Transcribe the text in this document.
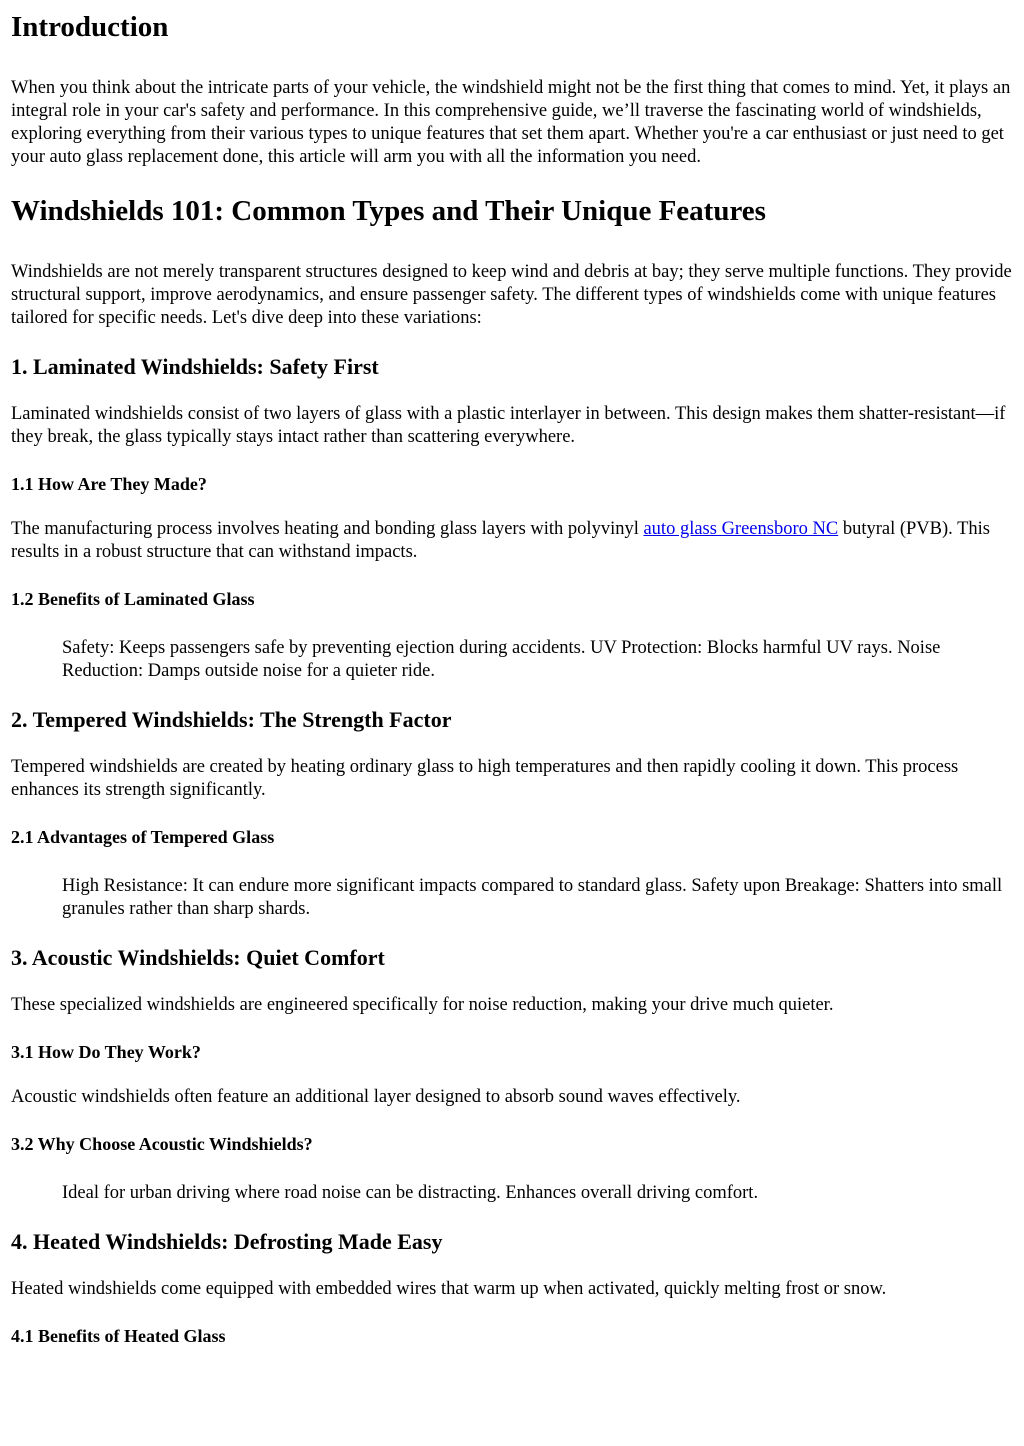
Introduction

When you think about the intricate parts of your vehicle, the windshield might not be the first thing that comes to mind. Yet, it plays an integral role in your car's safety and performance. In this comprehensive guide, we’ll traverse the fascinating world of windshields, exploring everything from their various types to unique features that set them apart. Whether you're a car enthusiast or just need to get your auto glass replacement done, this article will arm you with all the information you need.

Windshields 101: Common Types and Their Unique Features

Windshields are not merely transparent structures designed to keep wind and debris at bay; they serve multiple functions. They provide structural support, improve aerodynamics, and ensure passenger safety. The different types of windshields come with unique features tailored for specific needs. Let's dive deep into these variations:

1. Laminated Windshields: Safety First

Laminated windshields consist of two layers of glass with a plastic interlayer in between. This design makes them shatter-resistant—if they break, the glass typically stays intact rather than scattering everywhere.

1.1 How Are They Made?

The manufacturing process involves heating and bonding glass layers with polyvinyl auto glass Greensboro NC butyral (PVB). This results in a robust structure that can withstand impacts.

1.2 Benefits of Laminated Glass
Safety: Keeps passengers safe by preventing ejection during accidents. UV Protection: Blocks harmful UV rays. Noise Reduction: Damps outside noise for a quieter ride.
2. Tempered Windshields: The Strength Factor

Tempered windshields are created by heating ordinary glass to high temperatures and then rapidly cooling it down. This process enhances its strength significantly.

2.1 Advantages of Tempered Glass
High Resistance: It can endure more significant impacts compared to standard glass. Safety upon Breakage: Shatters into small granules rather than sharp shards.
3. Acoustic Windshields: Quiet Comfort

These specialized windshields are engineered specifically for noise reduction, making your drive much quieter.

3.1 How Do They Work?

Acoustic windshields often feature an additional layer designed to absorb sound waves effectively.

3.2 Why Choose Acoustic Windshields?
Ideal for urban driving where road noise can be distracting. Enhances overall driving comfort.
4. Heated Windshields: Defrosting Made Easy

Heated windshields come equipped with embedded wires that warm up when activated, quickly melting frost or snow.

4.1 Benefits of Heated Glass
